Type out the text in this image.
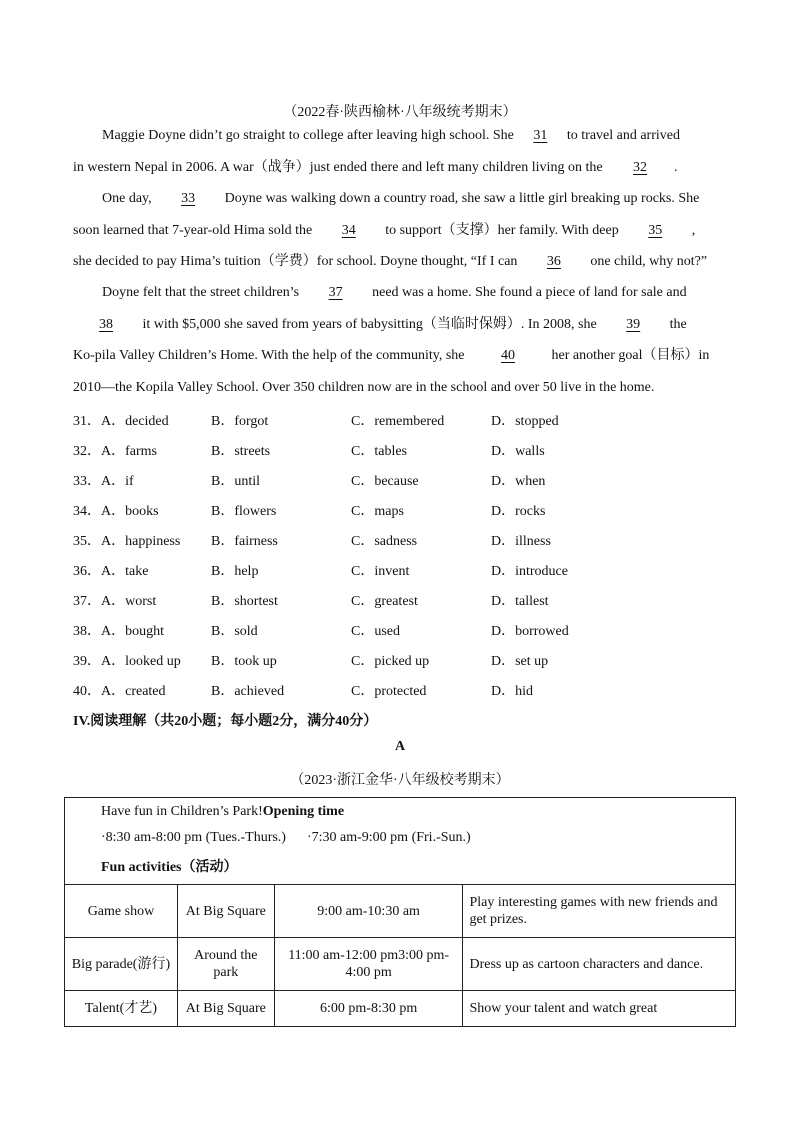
（2022春·陕西榆林·八年级统考期末）
Maggie Doyne didn’t go straight to college after leaving high school. She 31 to travel and arrived
in western Nepal in 2006. A war（战争）just ended there and left many children living on the 32 .
One day, 33 Doyne was walking down a country road, she saw a little girl breaking up rocks. She
soon learned that 7-year-old Hima sold the 34 to support（支撑）her family. With deep 35 ,
she decided to pay Hima’s tuition（学费）for school. Doyne thought, “If I can 36 one child, why not?”
Doyne felt that the street children’s 37 need was a home. She found a piece of land for sale and
38 it with $5,000 she saved from years of babysitting（当临时保姆）. In 2008, she 39 the
Ko-pila Valley Children’s Home. With the help of the community, she	40	her another goal（目标）in
2010—the Kopila Valley School. Over 350 children now are in the school and over 50 live in the home.
31． A．decided	B．forgot	C．remembered	D．stopped
32． A．farms	B．streets	C．tables	D．walls
33． A．if	B．until	C．because	D．when
34． A．books	B．flowers	C．maps	D．rocks
35． A．happiness B．fairness	C．sadness	D．illness
36． A．take	B．help	C．invent	D．introduce
37． A．worst	B．shortest	C．greatest	D．tallest
38． A．bought	B．sold	C．used	D．borrowed
39． A．looked up B．took up	C．picked up	D．set up
40． A．created	B．achieved	C．protected	D．hid
IV.阅读理解（共20小题；每小题2分，满分40分）
A
（2023·浙江金华·八年级校考期末）
Have fun in Children’s Park!Opening time
·8:30 am-8:00 pm (Tues.-Thurs.)      ·7:30 am-9:00 pm (Fri.-Sun.)
Fun activities（活动）
Game show	At Big Square	9:00 am-10:30 am	Play interesting games with new friends and get prizes.
Big parade(游行)	Around the park	11:00 am-12:00 pm3:00 pm-4:00 pm	Dress up as cartoon characters and dance.
Talent(才艺)	At Big Square	6:00 pm-8:30 pm	Show your talent and watch great
